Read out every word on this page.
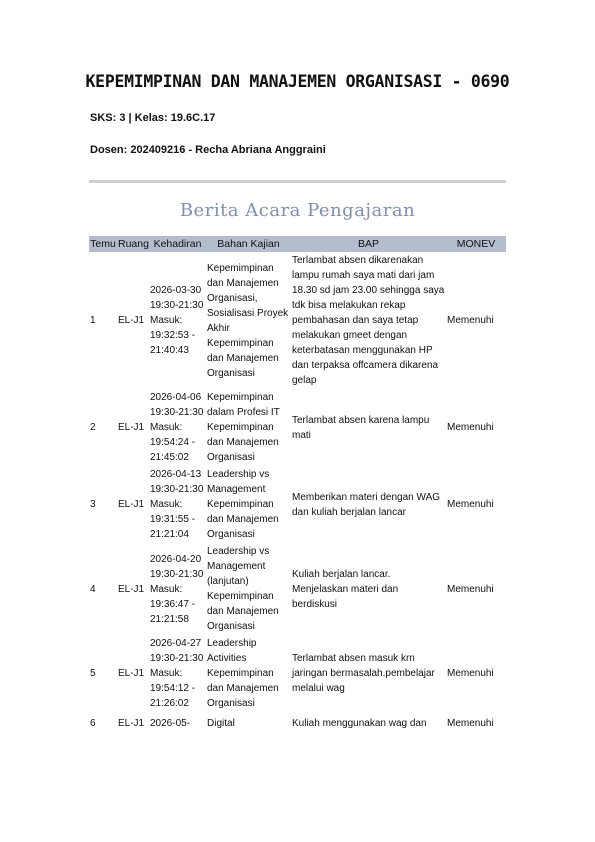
KEPEMIMPINAN DAN MANAJEMEN ORGANISASI - 0690
SKS: 3 | Kelas: 19.6C.17
Dosen: 202409216 - Recha Abriana Anggraini
Berita Acara Pengajaran
Temu	Ruang	Kehadiran	Bahan Kajian	BAP	MONEV
1	EL-J1	2026-03-30 19:30-21:30 Masuk: 19:32:53 - 21:40:43	Kepemimpinan dan Manajemen Organisasi, Sosialisasi Proyek Akhir Kepemimpinan dan Manajemen Organisasi	Terlambat absen dikarenakan lampu rumah saya mati dari jam 18.30 sd jam 23.00 sehingga saya tdk bisa melakukan rekap pembahasan dan saya tetap melakukan gmeet dengan keterbatasan menggunakan HP dan terpaksa offcamera dikarena gelap	Memenuhi
2	EL-J1	2026-04-06 19:30-21:30 Masuk: 19:54:24 - 21:45:02	Kepemimpinan dalam Profesi IT Kepemimpinan dan Manajemen Organisasi	Terlambat absen karena lampu mati	Memenuhi
3	EL-J1	2026-04-13 19:30-21:30 Masuk: 19:31:55 - 21:21:04	Leadership vs Management Kepemimpinan dan Manajemen Organisasi	Memberikan materi dengan WAG dan kuliah berjalan lancar	Memenuhi
4	EL-J1	2026-04-20 19:30-21:30 Masuk: 19:36:47 - 21:21:58	Leadership vs Management (lanjutan) Kepemimpinan dan Manajemen Organisasi	Kuliah berjalan lancar. Menjelaskan materi dan berdiskusi	Memenuhi
5	EL-J1	2026-04-27 19:30-21:30 Masuk: 19:54:12 - 21:26:02	Leadership Activities Kepemimpinan dan Manajemen Organisasi	Terlambat absen masuk krn jaringan bermasalah.pembelajar melalui wag	Memenuhi
6	EL-J1	2026-05-	Digital	Kuliah menggunakan wag dan	Memenuhi
